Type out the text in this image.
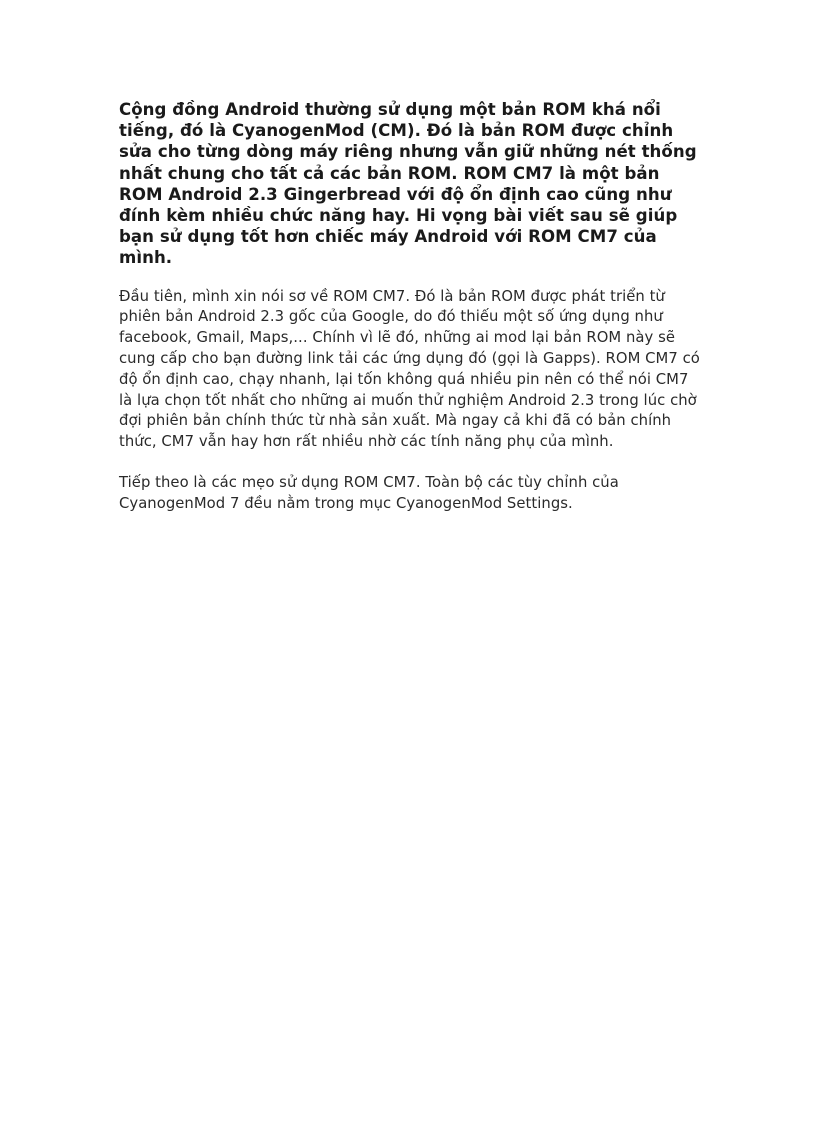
Cộng đồng Android thường sử dụng một bản ROM khá nổi tiếng, đó là CyanogenMod (CM). Đó là bản ROM được chỉnh sửa cho từng dòng máy riêng nhưng vẫn giữ những nét thống nhất chung cho tất cả các bản ROM. ROM CM7 là một bản ROM Android 2.3 Gingerbread với độ ổn định cao cũng như đính kèm nhiều chức năng hay. Hi vọng bài viết sau sẽ giúp bạn sử dụng tốt hơn chiếc máy Android với ROM CM7 của mình.

Đầu tiên, mình xin nói sơ về ROM CM7. Đó là bản ROM được phát triển từ phiên bản Android 2.3 gốc của Google, do đó thiếu một số ứng dụng như facebook, Gmail, Maps,... Chính vì lẽ đó, những ai mod lại bản ROM này sẽ cung cấp cho bạn đường link tải các ứng dụng đó (gọi là Gapps). ROM CM7 có độ ổn định cao, chạy nhanh, lại tốn không quá nhiều pin nên có thể nói CM7 là lựa chọn tốt nhất cho những ai muốn thử nghiệm Android 2.3 trong lúc chờ đợi phiên bản chính thức từ nhà sản xuất. Mà ngay cả khi đã có bản chính thức, CM7 vẫn hay hơn rất nhiều nhờ các tính năng phụ của mình.

Tiếp theo là các mẹo sử dụng ROM CM7. Toàn bộ các tùy chỉnh của CyanogenMod 7 đều nằm trong mục CyanogenMod Settings.
